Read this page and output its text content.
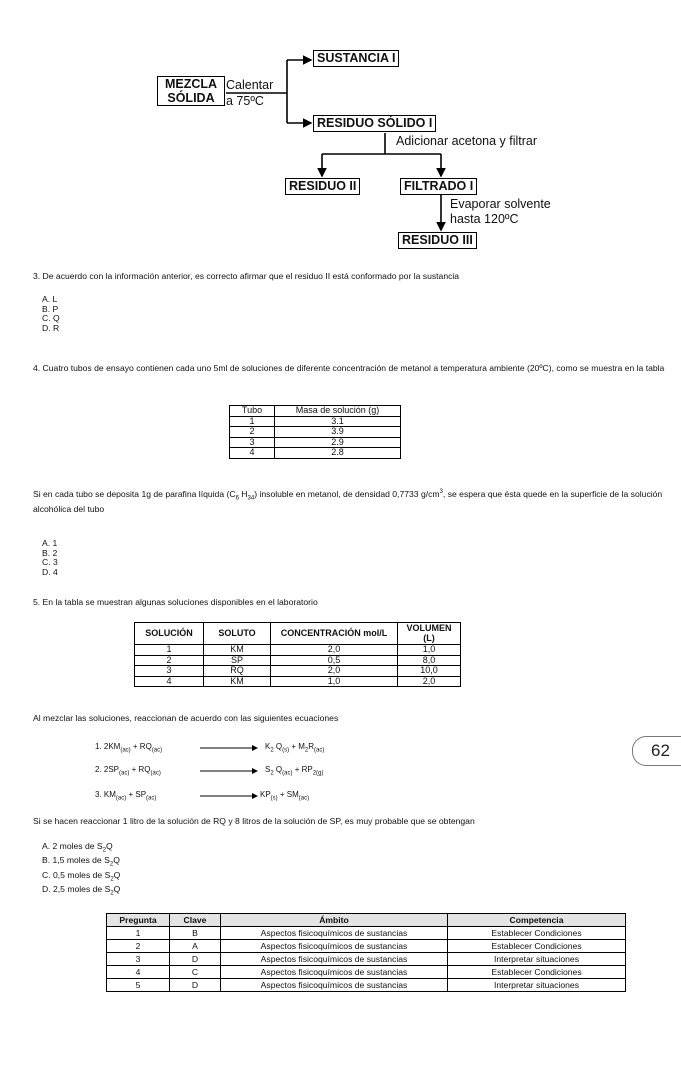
MEZCLA
SÓLIDA
Calentar
a 75ºC
SUSTANCIA I
RESIDUO SÓLIDO I
Adicionar acetona y filtrar
RESIDUO II	FILTRADO I
Evaporar solvente
hasta 120ºC
RESIDUO III
3. De acuerdo con la información anterior, es correcto afirmar que el residuo II está conformado por la sustancia
A. L
B. P
C. Q
D. R
4. Cuatro tubos de ensayo contienen cada uno 5ml de soluciones de diferente concentración de metanol a temperatura ambiente (20ºC), como se muestra en la tabla
Tubo	Masa de solución (g)
1	3.1
2	3.9
3	2.9
4	2.8
Si en cada tubo se deposita 1g de parafina líquida ($C_6$ $H_{34}$) insoluble en metanol, de densidad 0,7733 $g/cm^3$, se espera que ésta quede en la superficie de la solución alcohólica del tubo
A. 1
B. 2
C. 3
D. 4
5. En la tabla se muestran algunas soluciones disponibles en el laboratorio
SOLUCIÓN	SOLUTO	CONCENTRACIÓN mol/L	VOLUMEN (L)
1	KM	2,0	1,0
2	SP	0,5	8,0
3	RQ	2,0	10,0
4	KM	1,0	2,0
Al mezclar las soluciones, reaccionan de acuerdo con las siguientes ecuaciones
1. $2KM_{(ac)} + RQ_{(ac)}$	$K_2$ $Q_{(s)} + M_2R_{(ac)}$
2. $2SP_{(ac)} + RQ_{(ac)}$	$S_2$ $Q_{(ac)} + RP_{2(g)}$
3. $KM_{(ac)} + SP_{(ac)}$	$KP_{(s)} + SM_{(ac)}$
Si se hacen reaccionar 1 litro de la solución de RQ y 8 litros de la solución de SP, es muy probable que se obtengan
A. 2 moles de $S_2Q$
B. 1,5 moles de $S_2Q$
C. 0,5 moles de $S_2Q$
D. 2,5 moles de $S_2Q$
62
Pregunta	Clave	Ámbito	Competencia
1	B	Aspectos fisicoquímicos de sustancias	Establecer Condiciones
2	A	Aspectos fisicoquímicos de sustancias	Establecer Condiciones
3	D	Aspectos fisicoquímicos de sustancias	Interpretar situaciones
4	C	Aspectos fisicoquímicos de sustancias	Establecer Condiciones
5	D	Aspectos fisicoquímicos de sustancias	Interpretar situaciones
